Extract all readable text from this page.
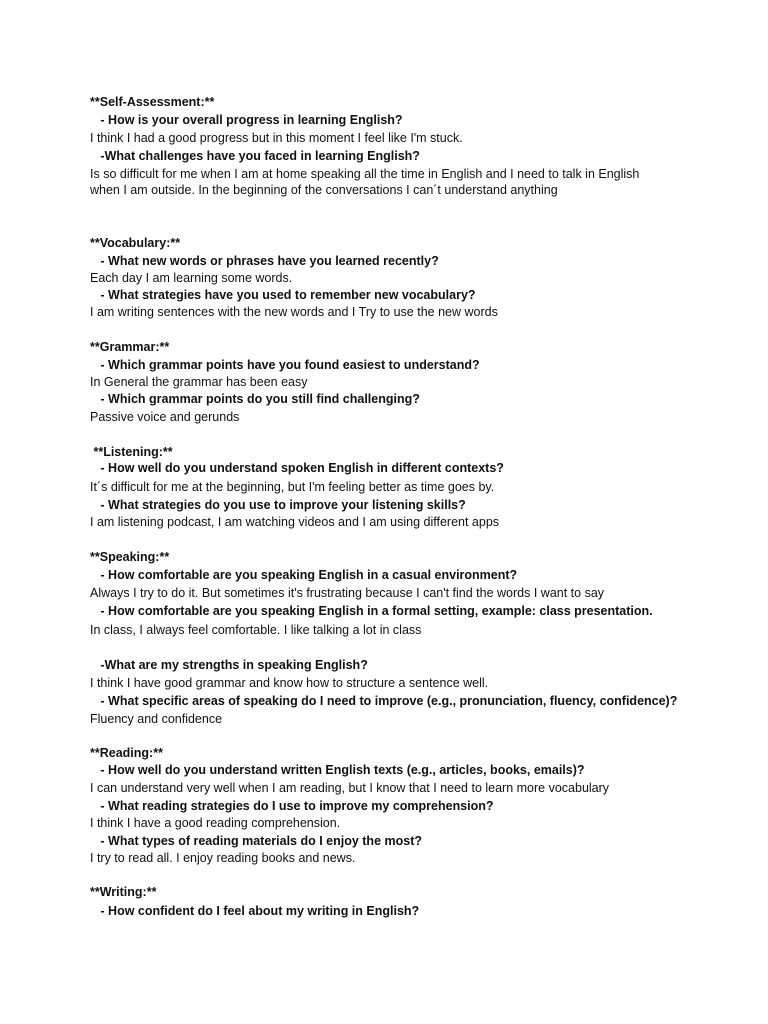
**Self-Assessment:**
- How is your overall progress in learning English?
I think I had a good progress but in this moment I feel like I'm stuck.
-What challenges have you faced in learning English?
Is so difficult for me when I am at home speaking all the time in English and I need to talk in English
when I am outside. In the beginning of the conversations I can´t understand anything
**Vocabulary:**
- What new words or phrases have you learned recently?
Each day I am learning some words.
- What strategies have you used to remember new vocabulary?
I am writing sentences with the new words and I Try to use the new words
**Grammar:**
- Which grammar points have you found easiest to understand?
In General the grammar has been easy
- Which grammar points do you still find challenging?
Passive voice and gerunds
**Listening:**
- How well do you understand spoken English in different contexts?
It´s difficult for me at the beginning, but I'm feeling better as time goes by.
- What strategies do you use to improve your listening skills?
I am listening podcast, I am watching videos and I am using different apps
**Speaking:**
- How comfortable are you speaking English in a casual environment?
Always I try to do it. But sometimes it's frustrating because I can't find the words I want to say
- How comfortable are you speaking English in a formal setting, example: class presentation.
In class, I always feel comfortable. I like talking a lot in class
-What are my strengths in speaking English?
I think I have good grammar and know how to structure a sentence well.
- What specific areas of speaking do I need to improve (e.g., pronunciation, fluency, confidence)?
Fluency and confidence
**Reading:**
- How well do you understand written English texts (e.g., articles, books, emails)?
I can understand very well when I am reading, but I know that I need to learn more vocabulary
- What reading strategies do I use to improve my comprehension?
I think I have a good reading comprehension.
- What types of reading materials do I enjoy the most?
I try to read all. I enjoy reading books and news.
**Writing:**
- How confident do I feel about my writing in English?
